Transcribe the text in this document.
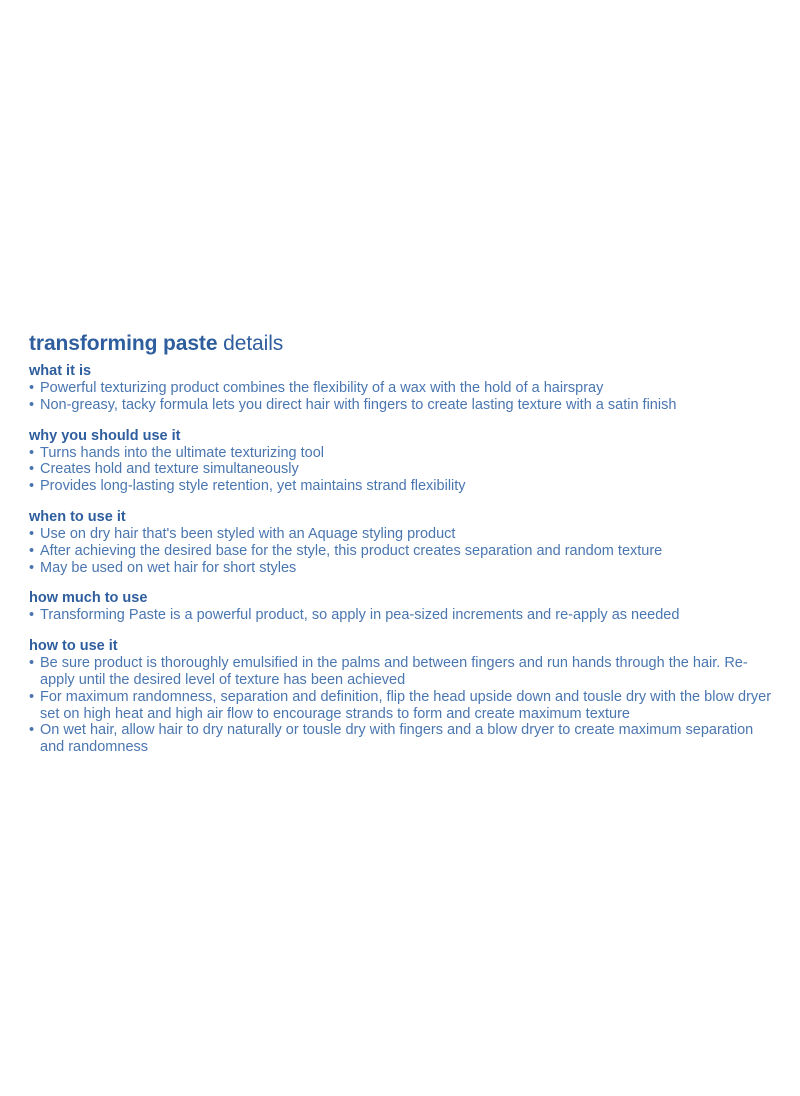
transforming paste details
what it is
• Powerful texturizing product combines the flexibility of a wax with the hold of a hairspray
• Non-greasy, tacky formula lets you direct hair with fingers to create lasting texture with a satin finish
why you should use it
• Turns hands into the ultimate texturizing tool
• Creates hold and texture simultaneously
• Provides long-lasting style retention, yet maintains strand flexibility
when to use it
• Use on dry hair that's been styled with an Aquage styling product
• After achieving the desired base for the style, this product creates separation and random texture
• May be used on wet hair for short styles
how much to use
• Transforming Paste is a powerful product, so apply in pea-sized increments and re-apply as needed
how to use it
• Be sure product is thoroughly emulsified in the palms and between fingers and run hands through the hair. Re-apply until the desired level of texture has been achieved
• For maximum randomness, separation and definition, flip the head upside down and tousle dry with the blow dryer set on high heat and high air flow to encourage strands to form and create maximum texture
• On wet hair, allow hair to dry naturally or tousle dry with fingers and a blow dryer to create maximum separation and randomness
